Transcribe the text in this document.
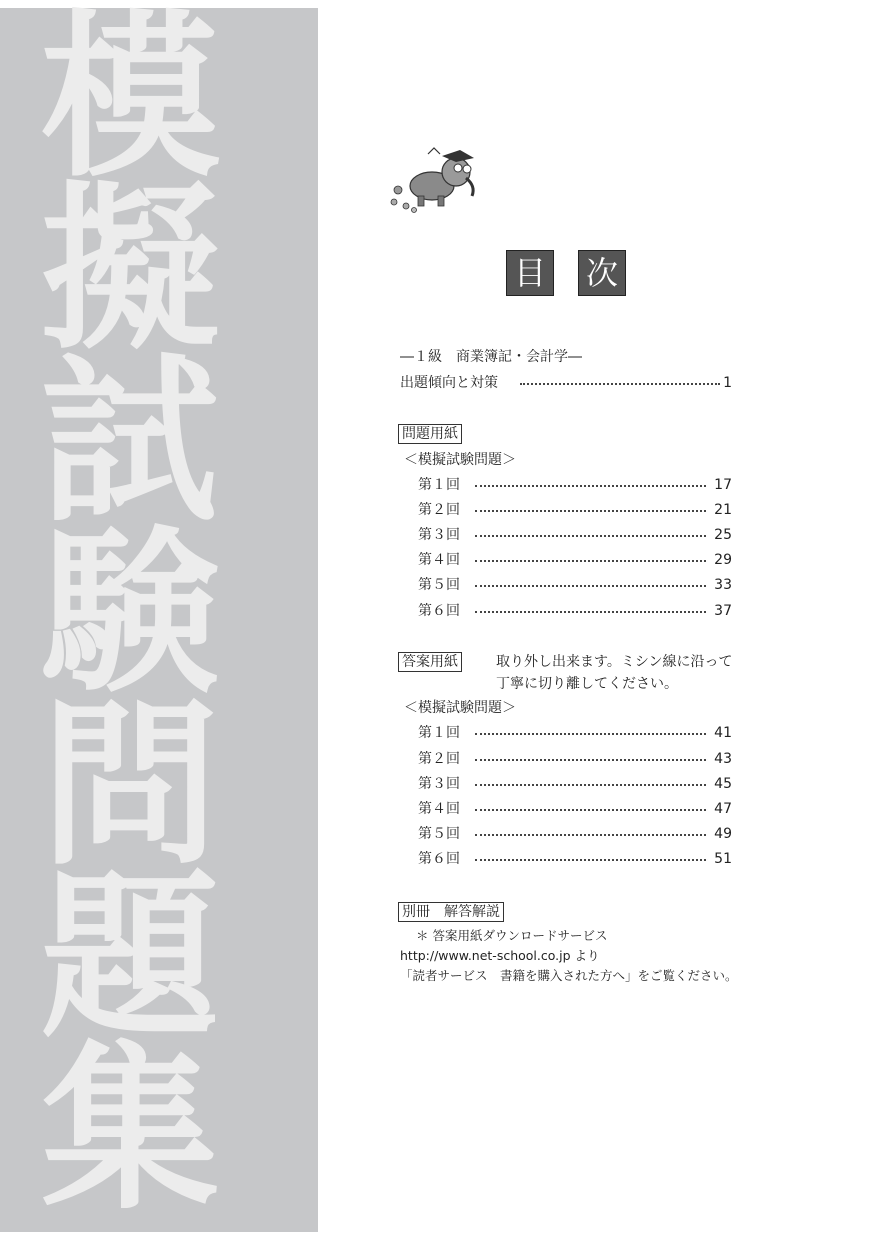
模
擬
試
験
問
題
集
目 次
―１級　商業簿記・会計学―
出題傾向と対策	1
問題用紙
＜模擬試験問題＞
第１回	17
第２回	21
第３回	25
第４回	29
第５回	33
第６回	37
答案用紙	取り外し出来ます。ミシン線に沿って
丁寧に切り離してください。
＜模擬試験問題＞
第１回	41
第２回	43
第３回	45
第４回	47
第５回	49
第６回	51
別冊　解答解説
＊ 答案用紙ダウンロードサービス
http://www.net-school.co.jp より
「読者サービス　書籍を購入された方へ」をご覧ください。
